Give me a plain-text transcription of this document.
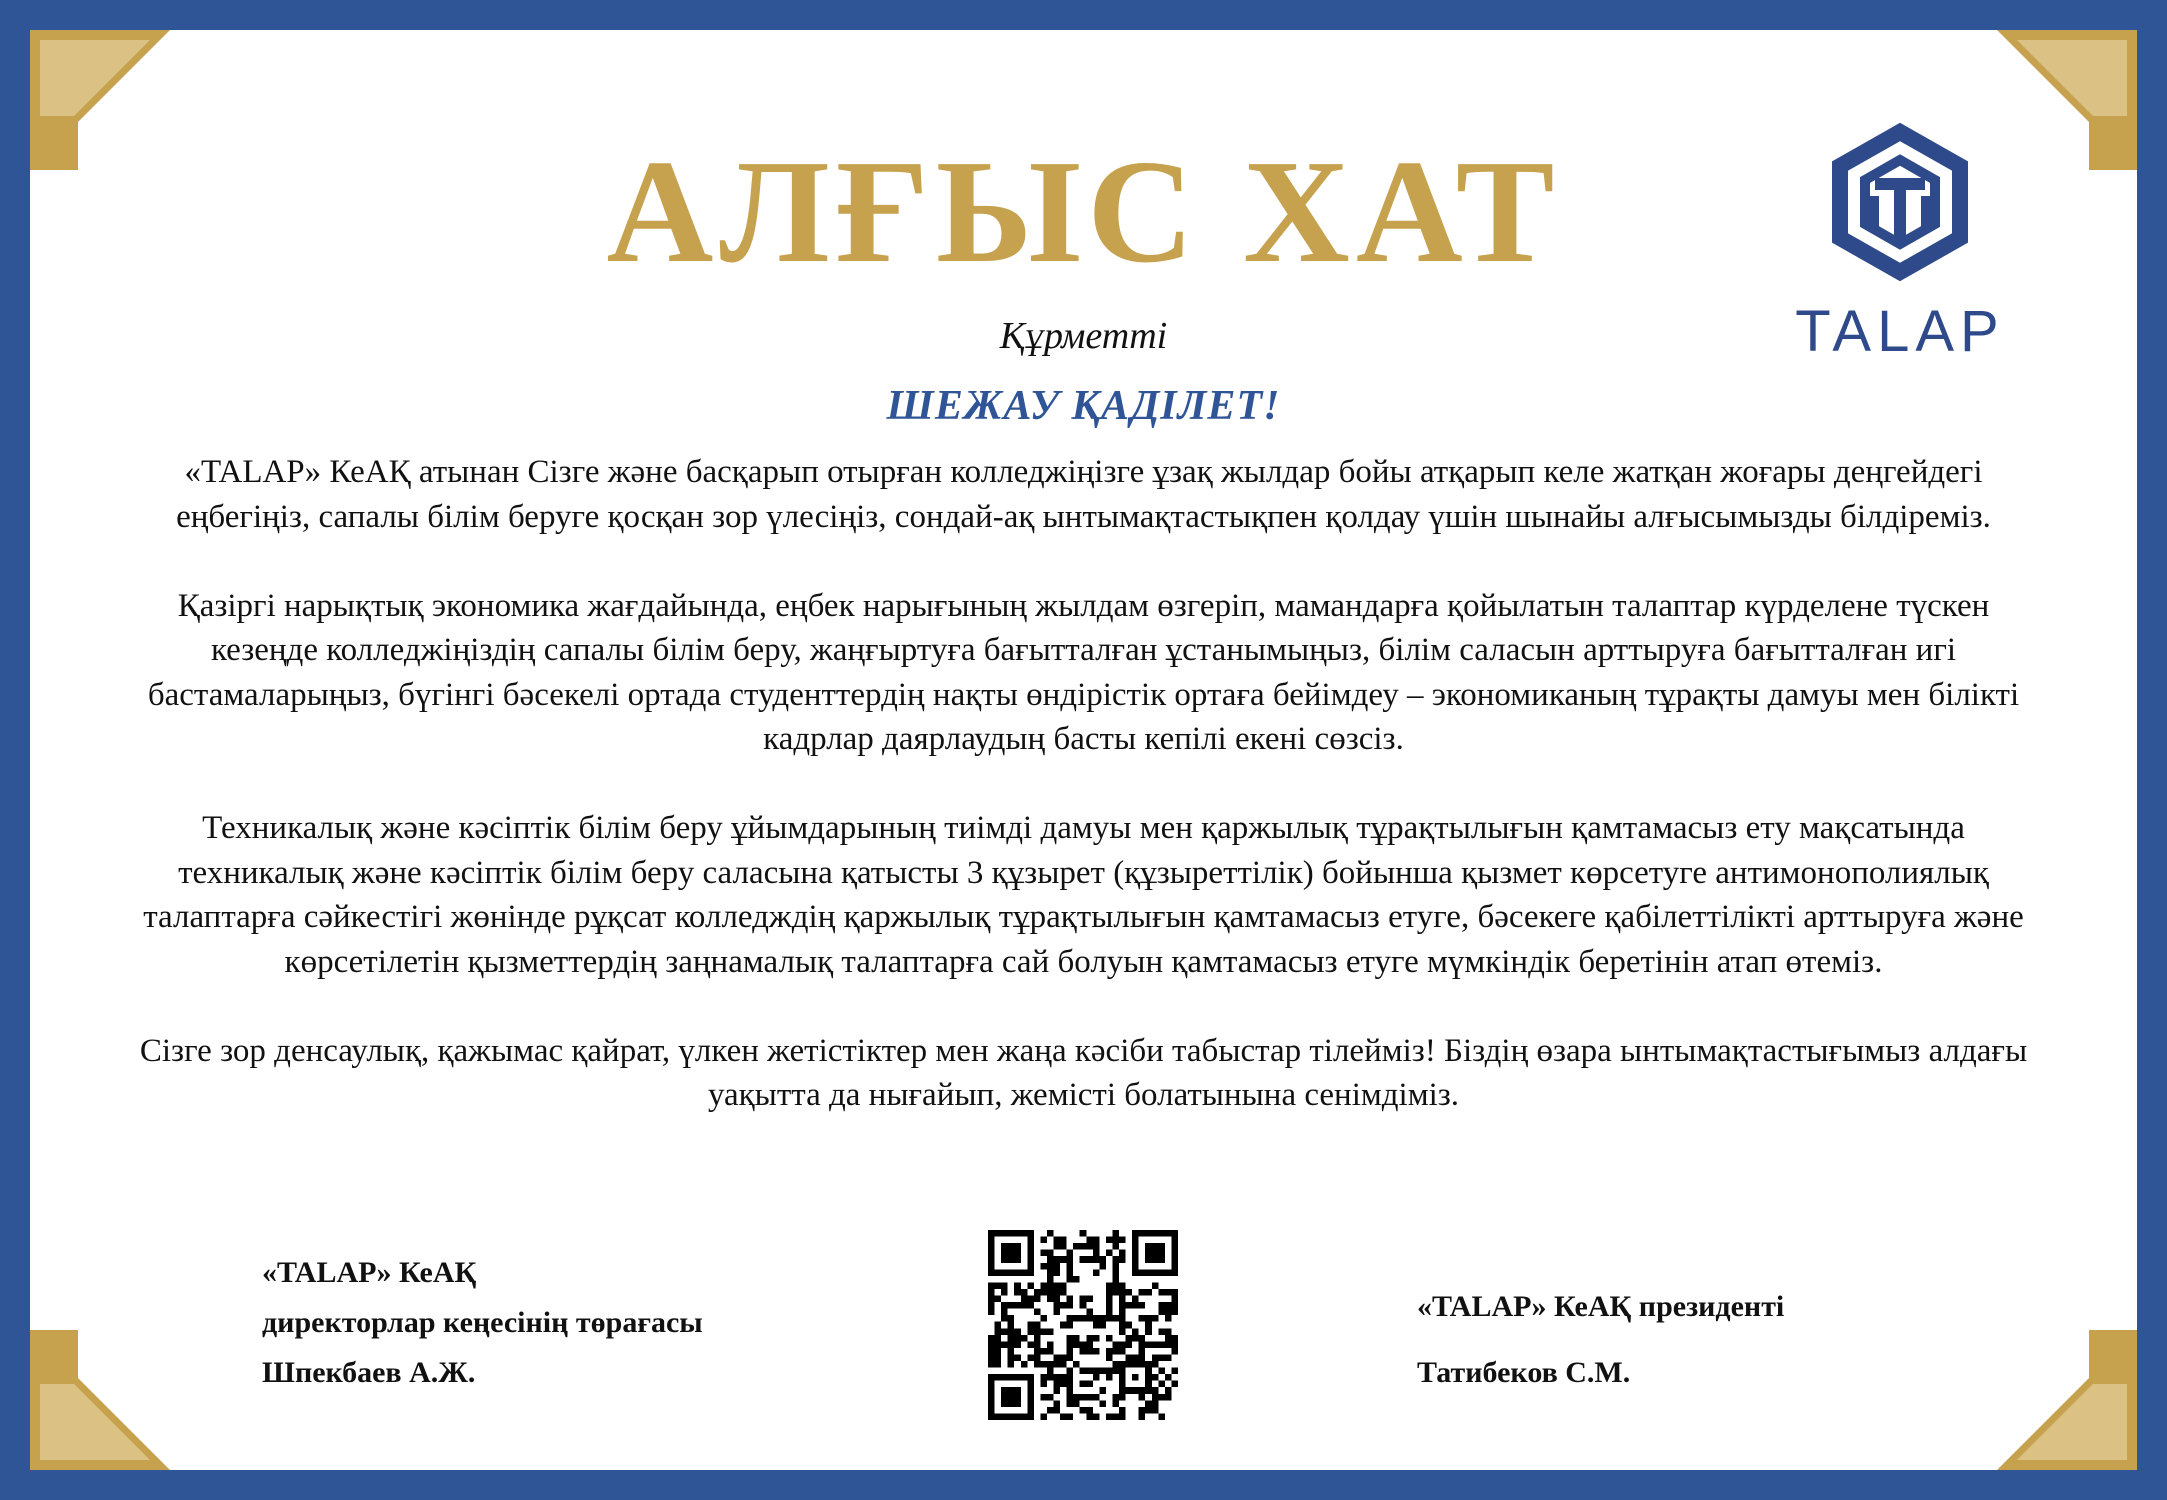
АЛҒЫС ХАТ

Құрметті

ШЕЖАУ ҚАДІЛЕТ!

TALAP

«TALAP» КеАҚ атынан Сізге және басқарып отырған колледжіңізге ұзақ жылдар бойы атқарып келе жатқан жоғары деңгейдегі еңбегіңіз, сапалы білім беруге қосқан зор үлесіңіз, сондай-ақ ынтымақтастықпен қолдау үшін шынайы алғысымызды білдіреміз.

Қазіргі нарықтық экономика жағдайында, еңбек нарығының жылдам өзгеріп, мамандарға қойылатын талаптар күрделене түскен кезеңде колледжіңіздің сапалы білім беру, жаңғыртуға бағытталған ұстанымыңыз, білім саласын арттыруға бағытталған игі бастамаларыңыз, бүгінгі бәсекелі ортада студенттердің нақты өндірістік ортаға бейімдеу – экономиканың тұрақты дамуы мен білікті кадрлар даярлаудың басты кепілі екені сөзсіз.

Техникалық және кәсіптік білім беру ұйымдарының тиімді дамуы мен қаржылық тұрақтылығын қамтамасыз ету мақсатында техникалық және кәсіптік білім беру саласына қатысты 3 құзырет (құзыреттілік) бойынша қызмет көрсетуге антимонополиялық талаптарға сәйкестігі жөнінде рұқсат колледждің қаржылық тұрақтылығын қамтамасыз етуге, бәсекеге қабілеттілікті арттыруға және көрсетілетін қызметтердің заңнамалық талаптарға сай болуын қамтамасыз етуге мүмкіндік беретінін атап өтеміз.

Сізге зор денсаулық, қажымас қайрат, үлкен жетістіктер мен жаңа кәсіби табыстар тілейміз! Біздің өзара ынтымақтастығымыз алдағы уақытта да нығайып, жемісті болатынына сенімдіміз.

«TALAP» КеАҚ
директорлар кеңесінің төрағасы
Шпекбаев А.Ж.
«TALAP» КеАҚ президенті
Татибеков С.М.
